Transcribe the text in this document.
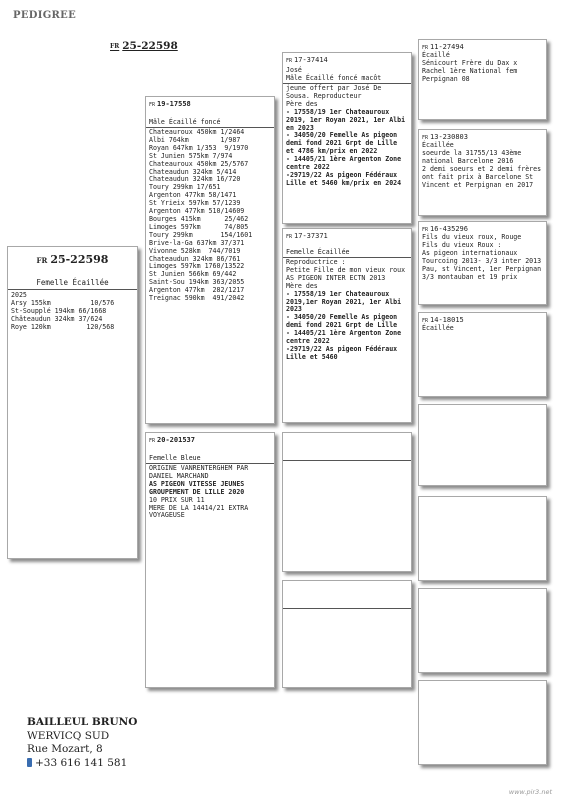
PEDIGREE
FR 25-22598
FR 25-22598
Femelle Écaillée
2025
Arsy 155km          10/576
St-Soupplé 194km 66/1668
Châteaudun 324km 37/624
Roye 120km         120/568
FR 19-17558
Mâle Écaillé foncé
Chateauroux 450km 1/2464
Albi 764km        1/987
Royan 647km 1/353  9/1970
St Junien 575km 7/974
Chateauroux 450km 25/5767
Chateaudun 324km 5/414
Chateaudun 324km 16/720
Toury 299km 17/651
Argenton 477km 58/1471
St Yrieix 597km 57/1239
Argenton 477km 510/14609
Bourges 415km      25/462
Limoges 597km      74/805
Toury 299km       154/1601
Brive-la-Ga 637km 37/371
Vivonne 528km  744/7019
Chateaudun 324km 86/761
Limoges 597km 1760/13522
St Junien 566km 69/442
Saint-Sou 194km 363/2055
Argenton 477km  282/1217
Treignac 590km  491/2042
FR 20-201537
Femelle Bleue
ORIGINE VANRENTERGHEM PAR DANIEL MARCHAND
AS PIGEON VITESSE JEUNES GROUPEMENT DE LILLE 2020
10 PRIX SUR 11
MERE DE LA 14414/21 EXTRA VOYAGEUSE
FR 17-37414
José
Mâle Écaillé foncé macôt
jeune offert par José De Sousa. Reproducteur
Père des
- 17558/19 1er Chateauroux 2019, 1er Royan 2021, 1er Albi en 2023
- 34050/20 Femelle As pigeon demi fond 2021 Grpt de Lille et 4786 km/prix en 2022
- 14405/21 1ère Argenton Zone centre 2022
-29719/22 As pigeon Fédéraux Lille et 5460 km/prix en 2024
FR 17-37371
Femelle Écaillée
Reproductrice :
Petite Fille de mon vieux roux AS PIGEON INTER ECTN 2013
Mère des
- 17558/19 1er Chateauroux 2019,1er Royan 2021, 1er Albi 2023
- 34050/20 Femelle As pigeon demi fond 2021 Grpt de Lille
- 14405/21 1ère Argenton Zone centre 2022
-29719/22 As pigeon Fédéraux Lille et 5460
FR 11-27494
Écaillé
Sénicourt Frère du Dax x Rachel 1ère National fem Perpignan 08
FR 13-230803
Écaillée
soeurde la 31755/13 43ème national Barcelone 2016
2 demi soeurs et 2 demi frères ont fait prix à Barcelone St Vincent et Perpignan en 2017
FR 16-435296
Fils du vieux roux, Rouge
Fils du vieux Roux :
As pigeon internationaux Tourcoing 2013- 3/3 inter 2013
Pau, st Vincent, 1er Perpignan
3/3 montauban et 19 prix
FR 14-18015
Écaillée
BAILLEUL BRUNO
WERVICQ SUD
Rue Mozart, 8
+33 616 141 581
www.pir3.net
